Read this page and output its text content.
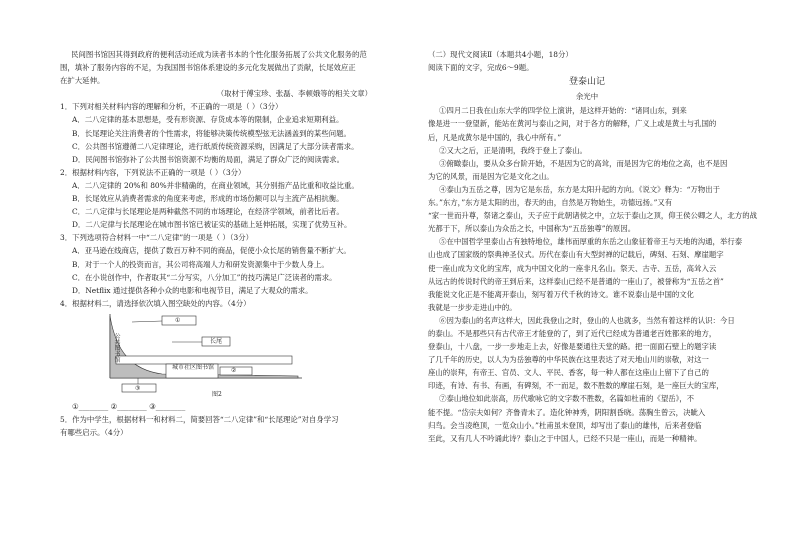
民间图书馆因其得到政府的便利活动还成为读者书本的个性化服务拓展了公共文化服务的范

围，填补了服务内容的不足，为我国图书馆体系建设的多元化发展做出了贡献，长尾效应正

在扩大延伸。

（取材于傅宝珍、张磊、李顿娥等的相关文章）

1．下列对相关材料内容的理解和分析，不正确的一项是（ ）（3分）

A．二八定律的基本思想是，受有形资源、存货成本等的限制，企业追求短期利益。

B．长尾理论关注消费者的个性需求，将能够决策传统模型弦无法涵盖到的某些问题。

C．公共图书馆遵循二八定律理论，进行纸质传统资源采购，因满足了大部分读者需求。

D．民间图书馆弥补了公共图书馆资源不均衡的局面，满足了群众广泛的阅读需求。

2．根据材料内容，下列说法不正确的一项是（ ）（3分）

A．二八定律的 20%和 80%并非精确的，在商业领域，其分别指产品比重和收益比重。

B．长尾效应从消费者需求的角度来考虑，形成的市场份额可以与主流产品相抗衡。

C．二八定律与长尾理论是两种截然不同的市场理论，在经济学领域，前者比后者。

D．二八定律与长尾理论在城市图书馆已被证实的基础上延伸拓展，实现了优势互补。

3．下列选项符合材料一中“二八定律”的一项是（ ）（3分）

A．亚马逊在线商店，提供了数百万种不同的商品，促使小众长尾的销售量不断扩大。

B．对于一个人的投资而言，其公司将高端人力和研发资源集中于少数人身上。

C．在小说创作中，作者取其“二分写实，八分加工”的技巧满足广泛读者的需求。

D．Netflix 通过提供各种小众的电影和电视节目，满足了大观众的需求。

4．根据材料二，请选择依次填入图空缺处的内容。（4分）

公共图书馆
①
长尾
城市社区图书馆	②
③
图2

①________ ②________ ③________

5．作为中学生，根据材料一和材料二，简要回答“二八定律”和“长尾理论”对自身学习

有哪些启示。（4分）

（二）现代文阅读Ⅱ（本题共4小题，18分）

阅读下面的文字，完成6～9题。

登泰山记

余光中

①四月二日我在山东大学的四学位上演讲，是这样开始的：“诸同山东，到来

像是进一一登望新，能站在黄河与泰山之间，对于各方的解释，广义上或是黄土与孔国的

后，凡是成黄尔是中国的，我心中所有。”

②又大之后，正是清明，我终于登上了泰山。

③俯瞰泰山，要从众多台阶开始，不是因为它的高耸，而是因为它的地位之高，也不是因

为它的风景，而是因为它是文化之山。

④泰山为五岳之尊，因为它是东岳，东方是太阳升起的方向。《说文》释为：“万物出于

东。”东方，”东方是太阳的出，春天的由，自然是万物始生，功德远扬。”又有

“家一世而升尊，祭诸之泰山，天子应于此朝诸侯之中，立坛于泰山之顶，仰王侯公卿之人，北方的战

光都于下，所以泰山为众岳之长，中国称为“五岳独尊”的原因。

⑤在中国哲学里泰山占有独特地位，雄伟而厚重的东岳之山象征着帝王与天地的沟通，举行泰

山也成了国家级的祭典神圣仪式。历代在泰山有大型封禅的记载后，碑刻、石刻、摩崖题字

使一座山成为文化的宝库，成为中国文化的一座非凡名山。祭天、古寺、五岳，高耸入云

从远古的传说时代的帝王到后来，这样泰山已经不是普通的一座山了，被誉称为“五岳之首”

我能说文化正是不能离开泰山，刻写着万代千秋的诗文。谁不说泰山是中国的文化

我就是一步步走进山中的。

⑥因为泰山的名声这样大，因此我登山之时，登山的人也就多，当然有着这样的认识：今日

的泰山。不是那些只有古代帝王才能登的了，到了近代已经成为普通老百姓都来的地方，

登泰山，十八盘，一步一步地走上去，好像是要通往天堂的路。把一面面石壁上的题字读

了几千年的历史，以人为为岳独尊的中华民族在这里表达了对天地山川的崇敬，对这一

座山的崇拜，有帝王、官员、文人、平民、香客，每一种人都在这座山上留下了自己的

印迹，有诗、有书、有画，有碑刻，不一而足，数不胜数的摩崖石刻，是一座巨大的宝库，

⑦泰山地位如此崇高，历代歌咏它的文字数不胜数，名篇如杜甫的《望岳》，不

能不提。“岱宗夫如何？齐鲁青未了。造化钟神秀，阴阳割昏晓。荡胸生曾云，决眦入

归鸟。会当凌绝顶，一览众山小。”杜甫虽未登顶，却写出了泰山的雄伟，后来者登临

至此，又有几人不吟诵此诗？泰山之于中国人，已经不只是一座山，而是一种精神。
